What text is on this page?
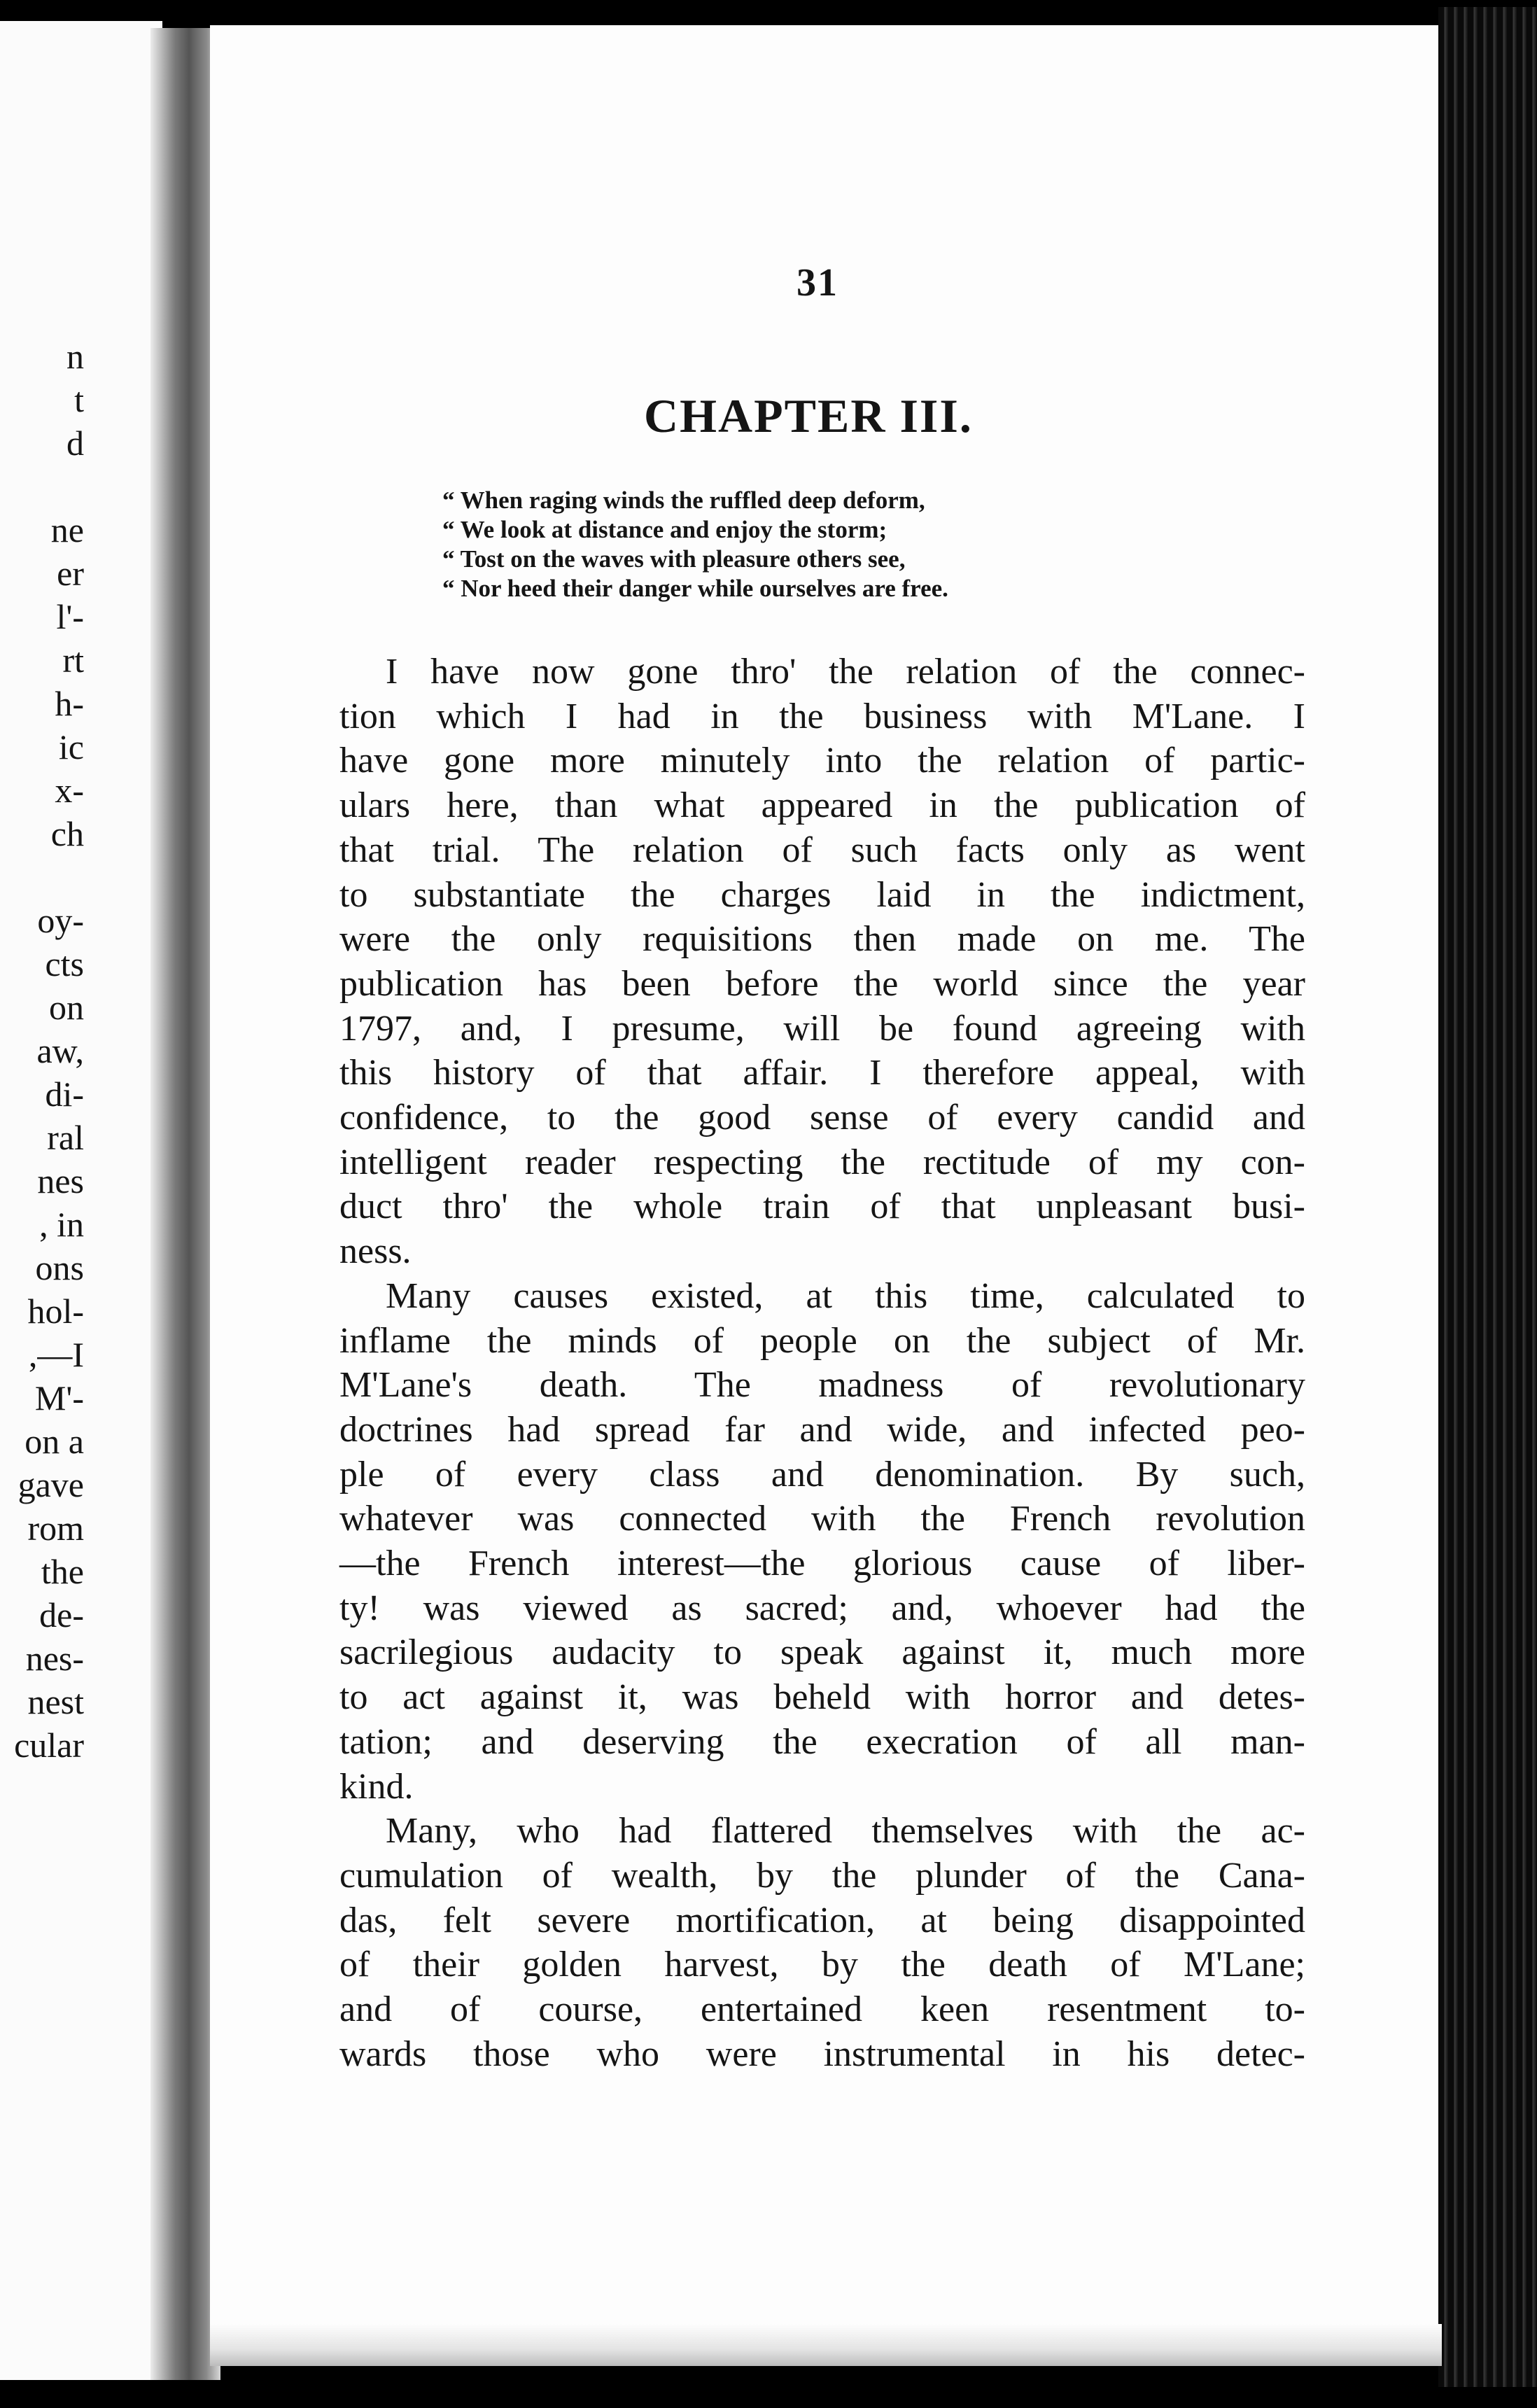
n
t
d

ne
er
l'-
rt
h-
ic
x-
ch

oy-
cts
on
aw,
di-
ral
nes
, in
ons
hol-
,—I
M'-
on a
gave
rom
the
de-
nes-
nest
cular
31
CHAPTER III.
“ When raging winds the ruffled deep deform,
“ We look at distance and enjoy the storm;
“ Tost on the waves with pleasure others see,
“ Nor heed their danger while ourselves are free.
I have now gone thro' the relation of the connec-
tion which I had in the business with M'Lane. I
have gone more minutely into the relation of partic-
ulars here, than what appeared in the publication of
that trial. The relation of such facts only as went
to substantiate the charges laid in the indictment,
were the only requisitions then made on me. The
publication has been before the world since the year
1797, and, I presume, will be found agreeing with
this history of that affair. I therefore appeal, with
confidence, to the good sense of every candid and
intelligent reader respecting the rectitude of my con-
duct thro' the whole train of that unpleasant busi-
ness.
Many causes existed, at this time, calculated to
inflame the minds of people on the subject of Mr.
M'Lane's death. The madness of revolutionary
doctrines had spread far and wide, and infected peo-
ple of every class and denomination. By such,
whatever was connected with the French revolution
—the French interest—the glorious cause of liber-
ty! was viewed as sacred; and, whoever had the
sacrilegious audacity to speak against it, much more
to act against it, was beheld with horror and detes-
tation; and deserving the execration of all man-
kind.
Many, who had flattered themselves with the ac-
cumulation of wealth, by the plunder of the Cana-
das, felt severe mortification, at being disappointed
of their golden harvest, by the death of M'Lane;
and of course, entertained keen resentment to-
wards those who were instrumental in his detec-
